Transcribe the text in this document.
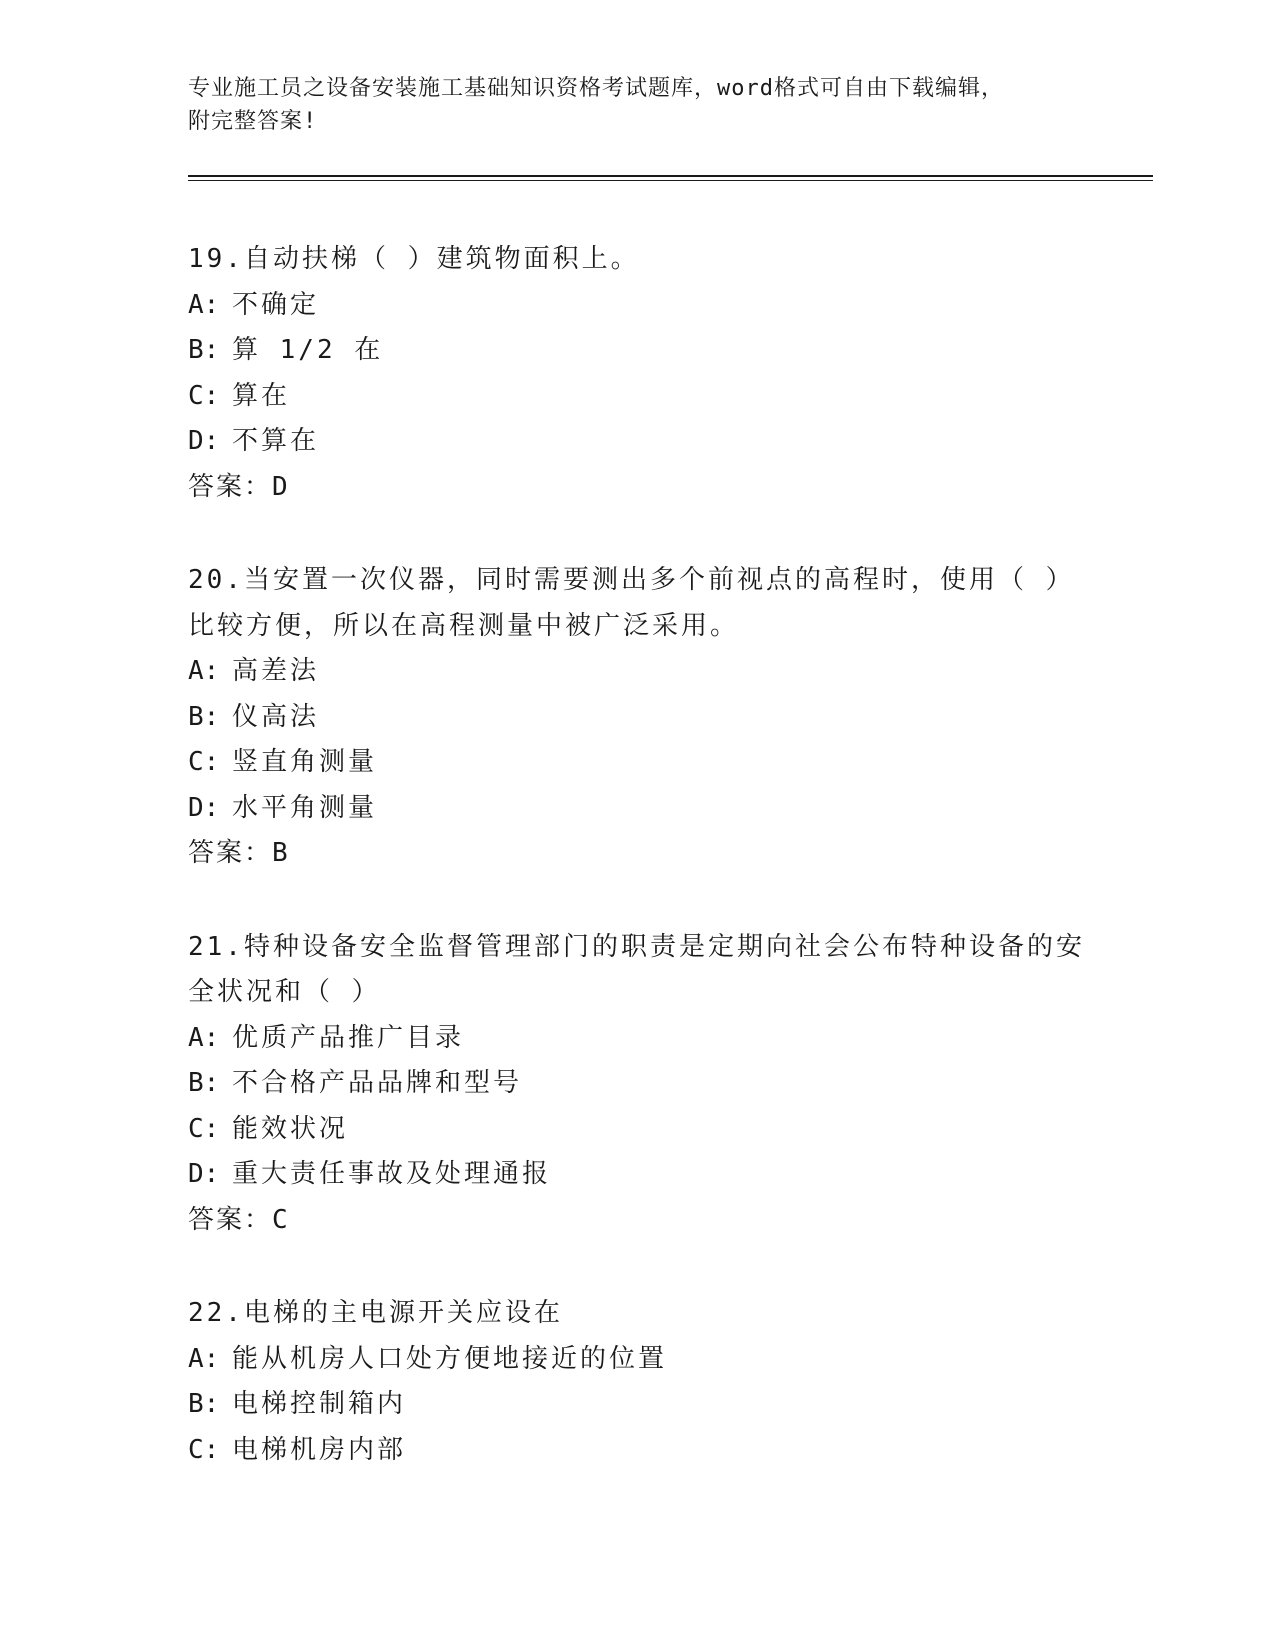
专业施工员之设备安装施工基础知识资格考试题库，word格式可自由下载编辑，
附完整答案!
19.自动扶梯（ ）建筑物面积上。
A: 不确定
B: 算 1/2 在
C: 算在
D: 不算在
答案：D
20.当安置一次仪器，同时需要测出多个前视点的高程时，使用（ ）
比较方便，所以在高程测量中被广泛采用。
A: 高差法
B: 仪高法
C: 竖直角测量
D: 水平角测量
答案：B
21.特种设备安全监督管理部门的职责是定期向社会公布特种设备的安
全状况和（ ）
A: 优质产品推广目录
B: 不合格产品品牌和型号
C: 能效状况
D: 重大责任事故及处理通报
答案：C
22.电梯的主电源开关应设在
A: 能从机房人口处方便地接近的位置
B: 电梯控制箱内
C: 电梯机房内部
